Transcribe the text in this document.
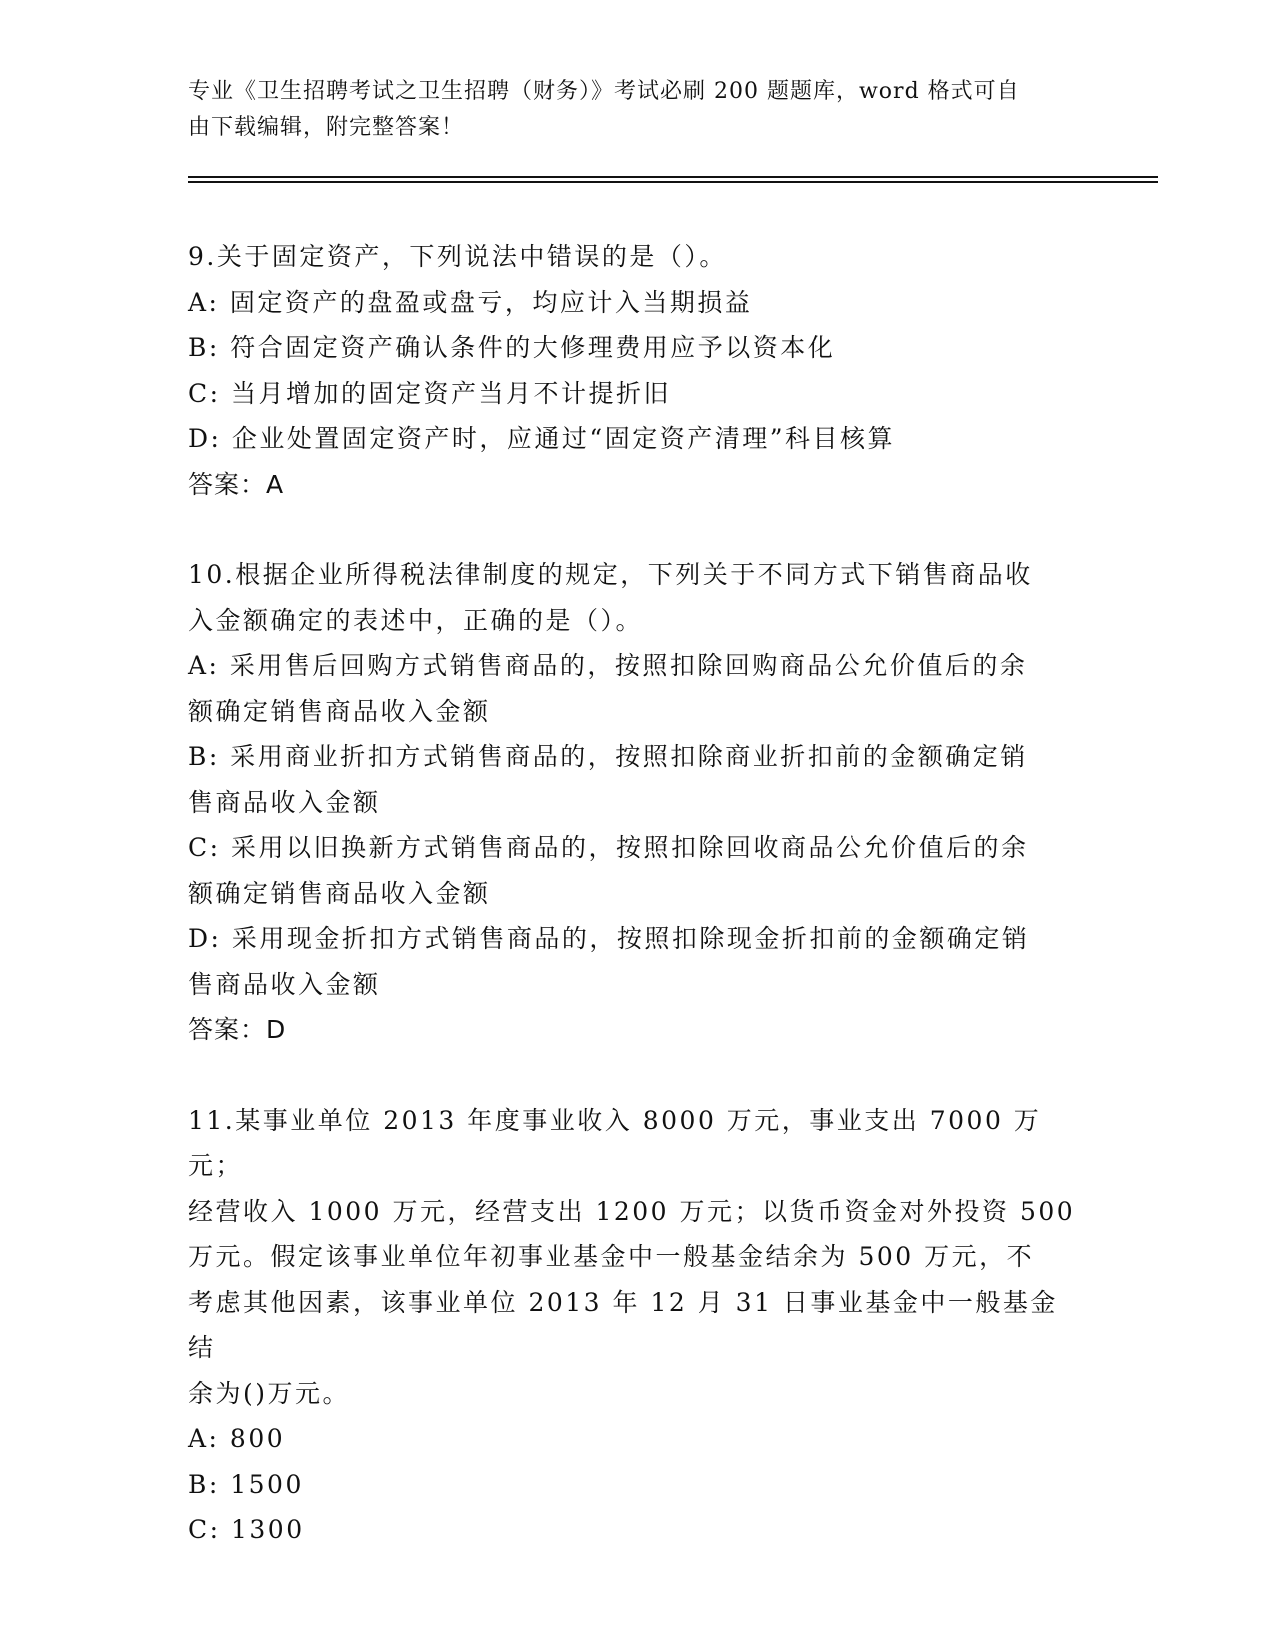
专业《卫生招聘考试之卫生招聘（财务）》考试必刷 200 题题库，word 格式可自
由下载编辑，附完整答案！
9.关于固定资产，下列说法中错误的是（）。
A: 固定资产的盘盈或盘亏，均应计入当期损益
B: 符合固定资产确认条件的大修理费用应予以资本化
C: 当月增加的固定资产当月不计提折旧
D: 企业处置固定资产时，应通过“固定资产清理”科目核算
答案：A
10.根据企业所得税法律制度的规定，下列关于不同方式下销售商品收
入金额确定的表述中，正确的是（）。
A: 采用售后回购方式销售商品的，按照扣除回购商品公允价值后的余
额确定销售商品收入金额
B: 采用商业折扣方式销售商品的，按照扣除商业折扣前的金额确定销
售商品收入金额
C: 采用以旧换新方式销售商品的，按照扣除回收商品公允价值后的余
额确定销售商品收入金额
D: 采用现金折扣方式销售商品的，按照扣除现金折扣前的金额确定销
售商品收入金额
答案：D
11.某事业单位 2013 年度事业收入 8000 万元，事业支出 7000 万元；
经营收入 1000 万元，经营支出 1200 万元；以货币资金对外投资 500
万元。假定该事业单位年初事业基金中一般基金结余为 500 万元，不
考虑其他因素，该事业单位 2013 年 12 月 31 日事业基金中一般基金结
余为()万元。
A: 800
B: 1500
C: 1300
